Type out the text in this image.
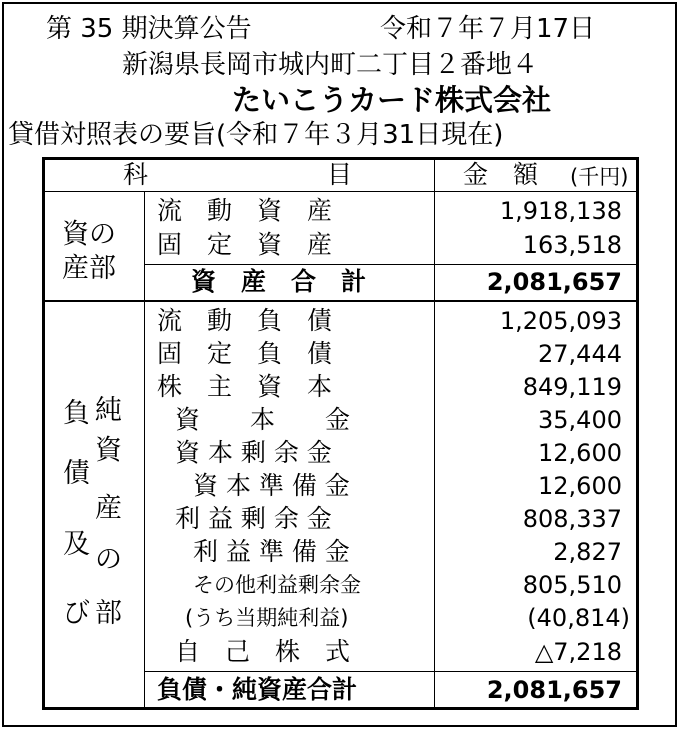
第 35 期決算公告	令和７年７月17日
新潟県長岡市城内町二丁目２番地４
たいこうカード株式会社
貸借対照表の要旨(令和７年３月31日現在)
科	目	金　額 (千円)
資の
産部
流　動　資　産	1,918,138
固　定　資　産	163,518
資　産　合　計	2,081,657
負
債
及
び
純
資
産
の
部
流　動　負　債	1,205,093
固　定　負　債	27,444
株　主　資　本	849,119
資　　本　　金	35,400
資 本 剰 余 金	12,600
資 本 準 備 金	12,600
利 益 剰 余 金	808,337
利 益 準 備 金	2,827
その他利益剰余金	805,510
(うち当期純利益)	(40,814)
自　己　株　式	△7,218
負債・純資産合計	2,081,657
